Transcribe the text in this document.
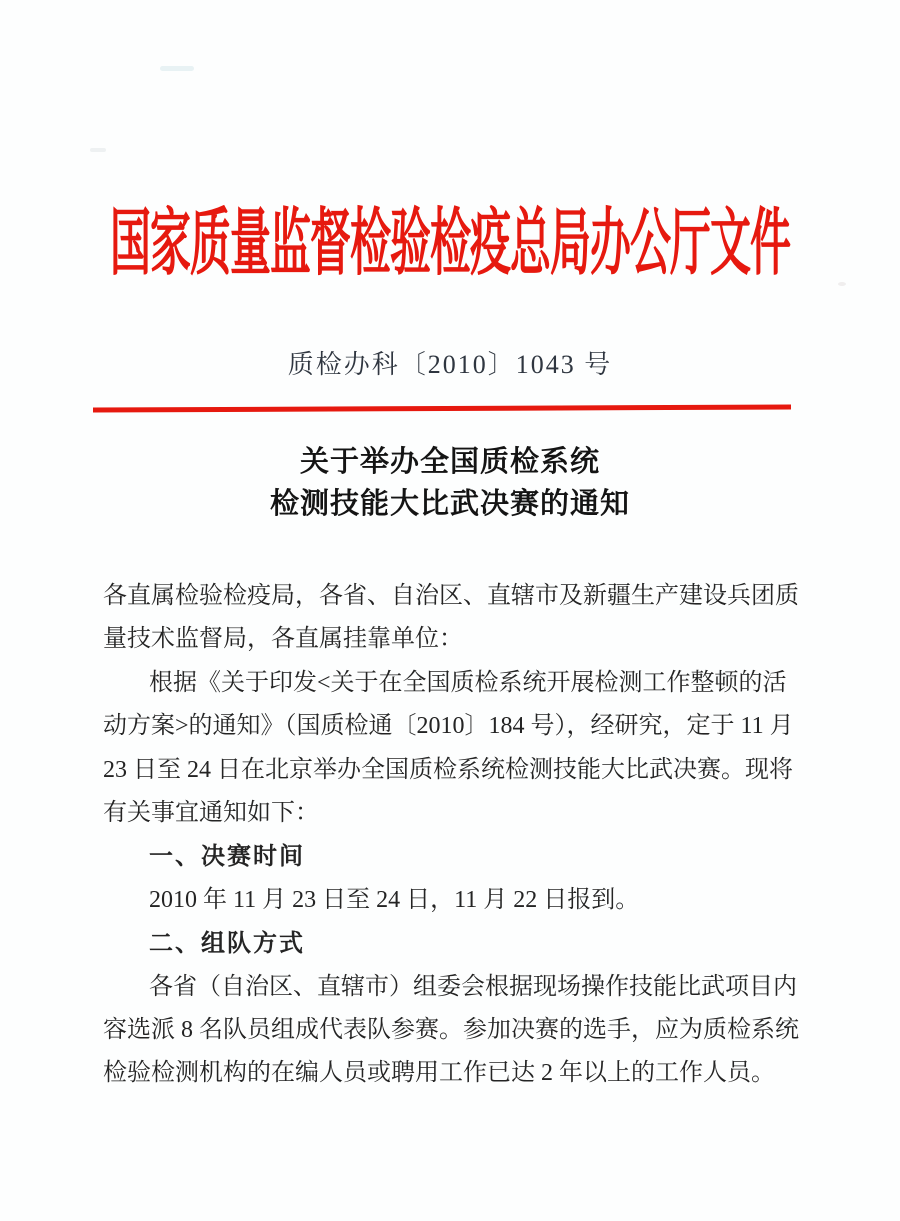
国家质量监督检验检疫总局办公厅文件
质检办科〔2010〕1043 号
关于举办全国质检系统
检测技能大比武决赛的通知
各直属检验检疫局，各省、自治区、直辖市及新疆生产建设兵团质
量技术监督局，各直属挂靠单位：
根据《关于印发<关于在全国质检系统开展检测工作整顿的活
动方案>的通知》（国质检通〔2010〕184 号），经研究，定于 11 月
23 日至 24 日在北京举办全国质检系统检测技能大比武决赛。现将
有关事宜通知如下：
一、决赛时间
2010 年 11 月 23 日至 24 日，11 月 22 日报到。
二、组队方式
各省（自治区、直辖市）组委会根据现场操作技能比武项目内
容选派 8 名队员组成代表队参赛。参加决赛的选手，应为质检系统
检验检测机构的在编人员或聘用工作已达 2 年以上的工作人员。
